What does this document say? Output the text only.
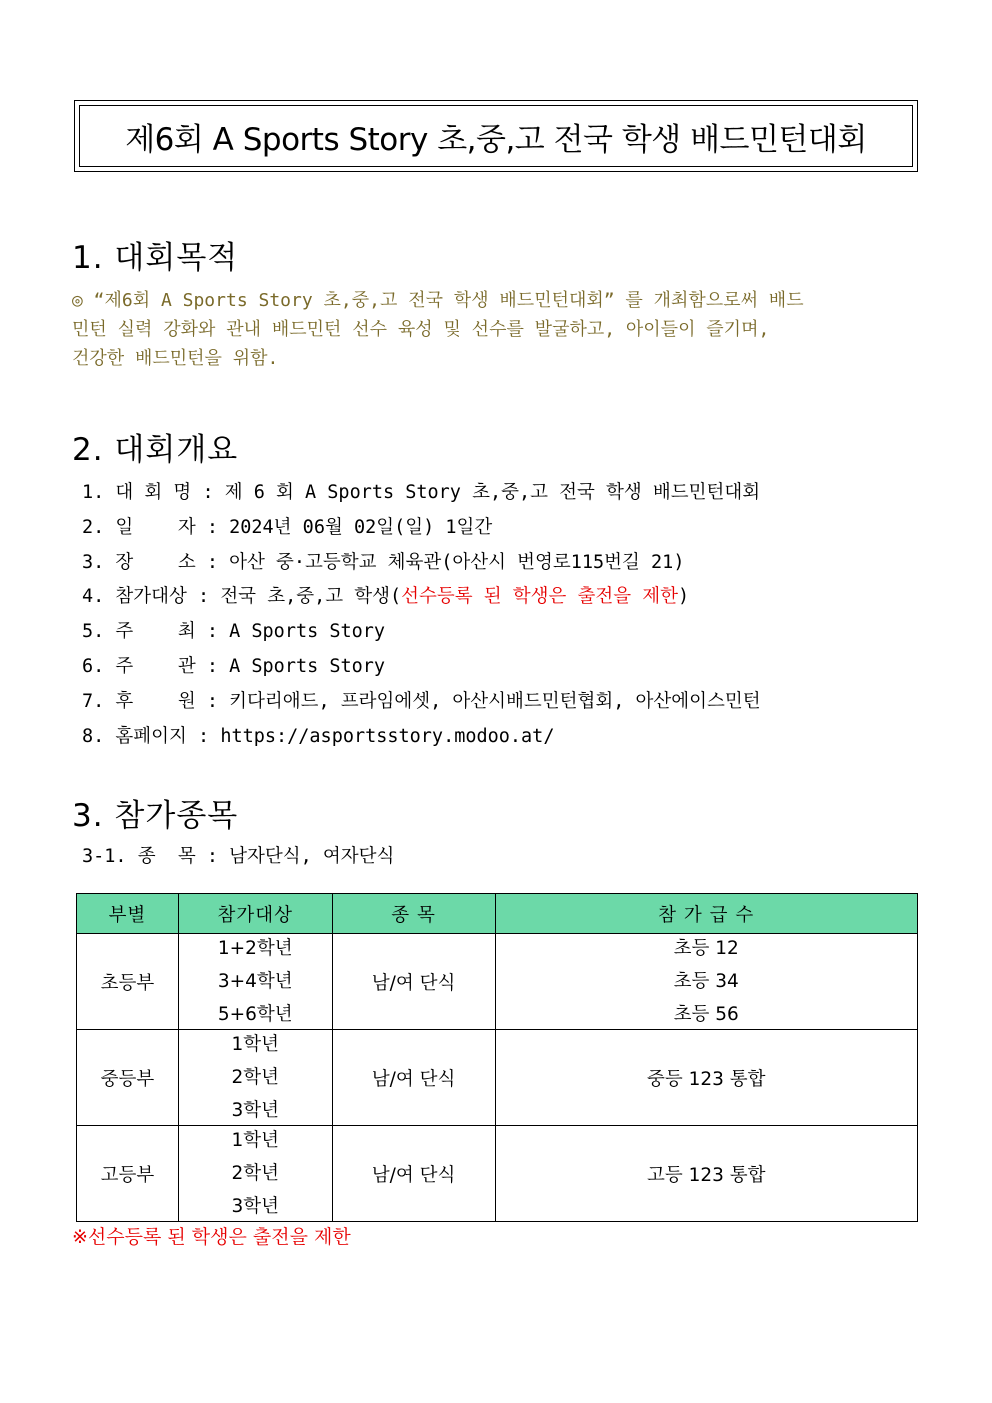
제6회 A Sports Story 초,중,고 전국 학생 배드민턴대회
1. 대회목적
◎ “제6회 A Sports Story 초,중,고 전국 학생 배드민턴대회” 를 개최함으로써 배드
민턴 실력 강화와 관내 배드민턴 선수 육성 및 선수를 발굴하고, 아이들이 즐기며,
건강한 배드민턴을 위함.
2. 대회개요
1. 대 회 명 : 제 6 회 A Sports Story 초,중,고 전국 학생 배드민턴대회
2. 일    자 : 2024년 06월 02일(일) 1일간
3. 장    소 : 아산 중·고등학교 체육관(아산시 번영로115번길 21)
4. 참가대상 : 전국 초,중,고 학생(선수등록 된 학생은 출전을 제한)
5. 주    최 : A Sports Story
6. 주    관 : A Sports Story
7. 후    원 : 키다리애드, 프라임에셋, 아산시배드민턴협회, 아산에이스민턴
8. 홈페이지 : https://asportsstory.modoo.at/
3. 참가종목
3-1. 종  목 : 남자단식, 여자단식
부별	참가대상	종 목	참 가 급 수
초등부	1+2학년
3+4학년
5+6학년	남/여 단식	초등 12
초등 34
초등 56

중등부	1학년
2학년
3학년	남/여 단식	중등 123 통합
고등부	1학년
2학년
3학년	남/여 단식	고등 123 통합
※선수등록 된 학생은 출전을 제한
